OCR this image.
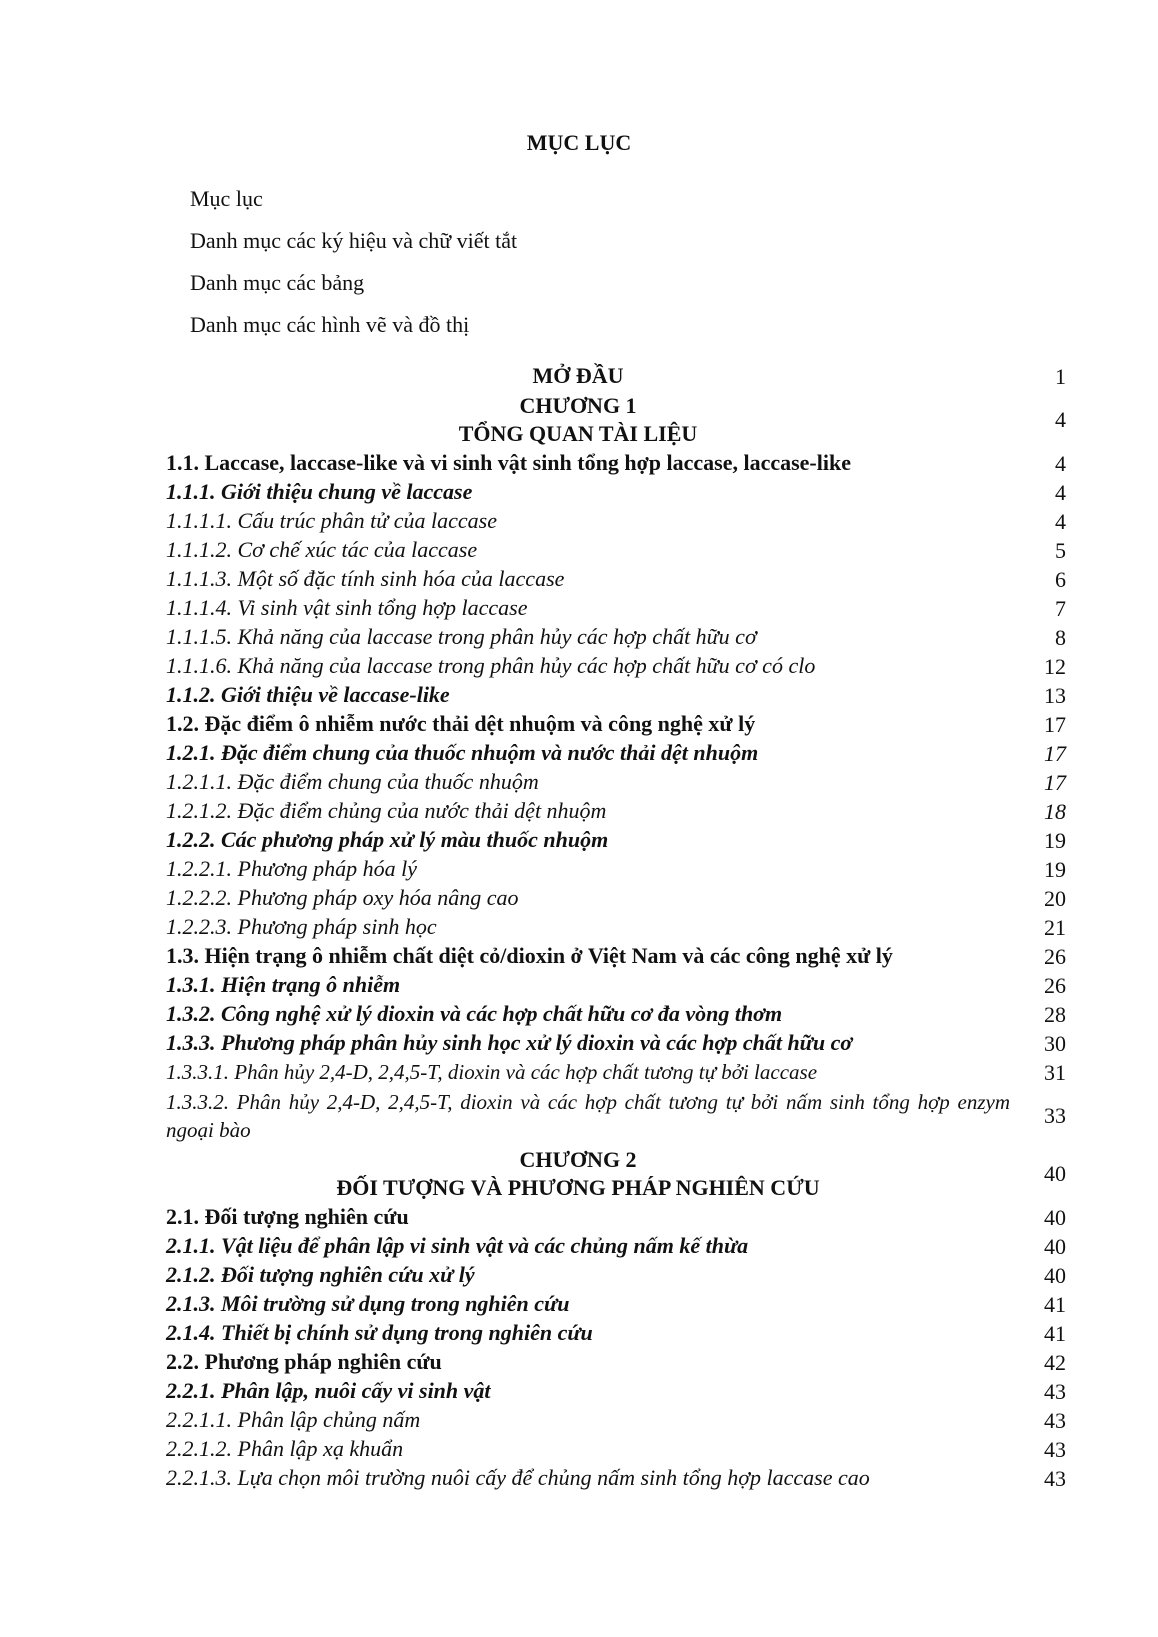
MỤC LỤC
Mục lục
Danh mục các ký hiệu và chữ viết tắt
Danh mục các bảng
Danh mục các hình vẽ và đồ thị
MỞ ĐẦU	1
CHƯƠNG 1
TỔNG QUAN TÀI LIỆU
4
1.1. Laccase, laccase-like và vi sinh vật sinh tổng hợp laccase, laccase-like	4
1.1.1. Giới thiệu chung về laccase	4
1.1.1.1. Cấu trúc phân tử của laccase	4
1.1.1.2. Cơ chế xúc tác của laccase	5
1.1.1.3. Một số đặc tính sinh hóa của laccase	6
1.1.1.4. Vi sinh vật sinh tổng hợp laccase	7
1.1.1.5. Khả năng của laccase trong phân hủy các hợp chất hữu cơ	8
1.1.1.6. Khả năng của laccase trong phân hủy các hợp chất hữu cơ có clo	12
1.1.2. Giới thiệu về laccase-like	13
1.2. Đặc điểm ô nhiễm nước thải dệt nhuộm và công nghệ xử lý	17
1.2.1. Đặc điểm chung của thuốc nhuộm và nước thải dệt nhuộm	17
1.2.1.1. Đặc điểm chung của thuốc nhuộm	17
1.2.1.2. Đặc điểm chủng của nước thải dệt nhuộm	18
1.2.2. Các phương pháp xử lý màu thuốc nhuộm	19
1.2.2.1. Phương pháp hóa lý	19
1.2.2.2. Phương pháp oxy hóa nâng cao	20
1.2.2.3. Phương pháp sinh học	21
1.3. Hiện trạng ô nhiễm chất diệt cỏ/dioxin ở Việt Nam và các công nghệ xử lý	26
1.3.1. Hiện trạng ô nhiễm	26
1.3.2. Công nghệ xử lý dioxin và các hợp chất hữu cơ đa vòng thơm	28
1.3.3. Phương pháp phân hủy sinh học xử lý dioxin và các hợp chất hữu cơ	30
1.3.3.1. Phân hủy 2,4-D, 2,4,5-T, dioxin và các hợp chất tương tự bởi laccase	31
1.3.3.2. Phân hủy 2,4-D, 2,4,5-T, dioxin và các hợp chất tương tự bởi nấm sinh tổng hợp enzym ngoại bào
33
CHƯƠNG 2
ĐỐI TƯỢNG VÀ PHƯƠNG PHÁP NGHIÊN CỨU
40
2.1. Đối tượng nghiên cứu	40
2.1.1. Vật liệu để phân lập vi sinh vật và các chủng nấm kế thừa	40
2.1.2. Đối tượng nghiên cứu xử lý	40
2.1.3. Môi trường sử dụng trong nghiên cứu	41
2.1.4. Thiết bị chính sử dụng trong nghiên cứu	41
2.2. Phương pháp nghiên cứu	42
2.2.1. Phân lập, nuôi cấy vi sinh vật	43
2.2.1.1. Phân lập chủng nấm	43
2.2.1.2. Phân lập xạ khuẩn	43
2.2.1.3. Lựa chọn môi trường nuôi cấy để chủng nấm sinh tổng hợp laccase cao	43
